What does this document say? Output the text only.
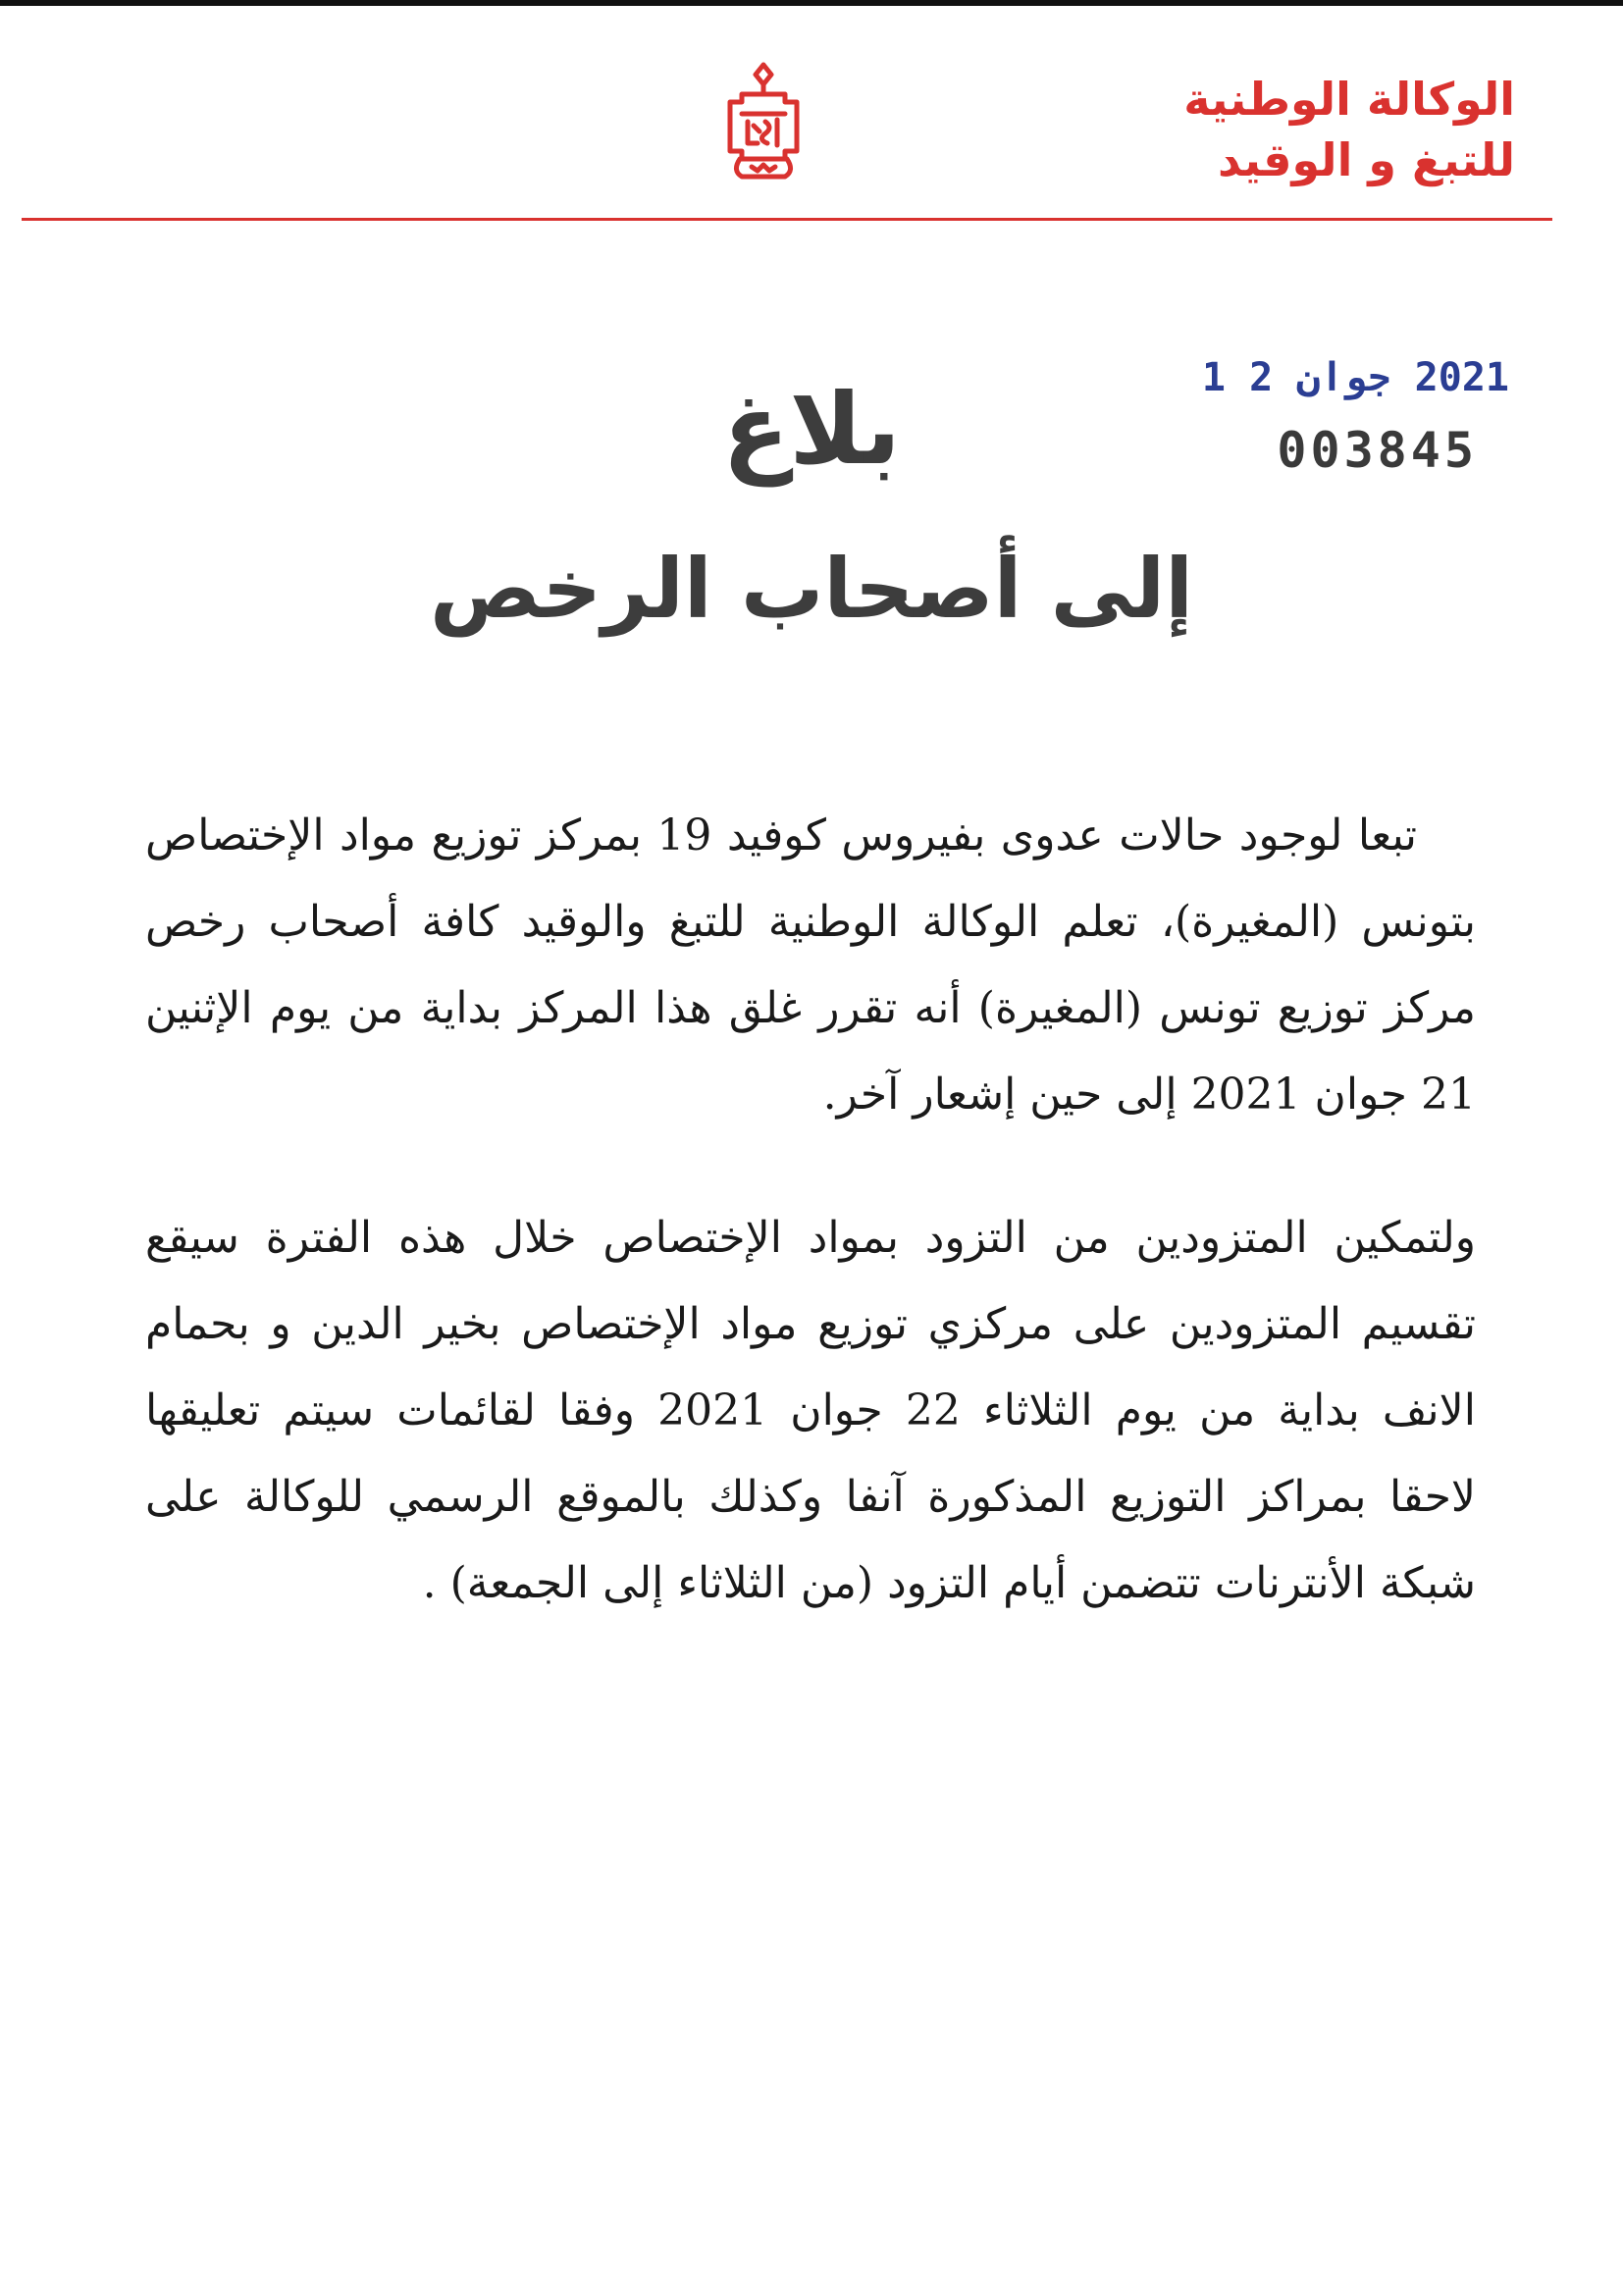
الوكالة الوطنية
للتبغ و الوقيد
2021 جوان 2 1
003845
بلاغ
إلى أصحاب الرخص

تبعا لوجود حالات عدوى بفيروس كوفيد 19 بمركز توزيع مواد الإختصاص بتونس (المغيرة)، تعلم الوكالة الوطنية للتبغ والوقيد كافة أصحاب رخص مركز توزيع تونس (المغيرة) أنه تقرر غلق هذا المركز بداية من يوم الإثنين 21 جوان 2021 إلى حين إشعار آخر.

ولتمكين المتزودين من التزود بمواد الإختصاص خلال هذه الفترة سيقع تقسيم المتزودين على مركزي توزيع مواد الإختصاص بخير الدين و بحمام الانف بداية من يوم الثلاثاء 22 جوان 2021 وفقا لقائمات سيتم تعليقها لاحقا بمراكز التوزيع المذكورة آنفا وكذلك بالموقع الرسمي للوكالة على شبكة الأنترنات تتضمن أيام التزود (من الثلاثاء إلى الجمعة) .
